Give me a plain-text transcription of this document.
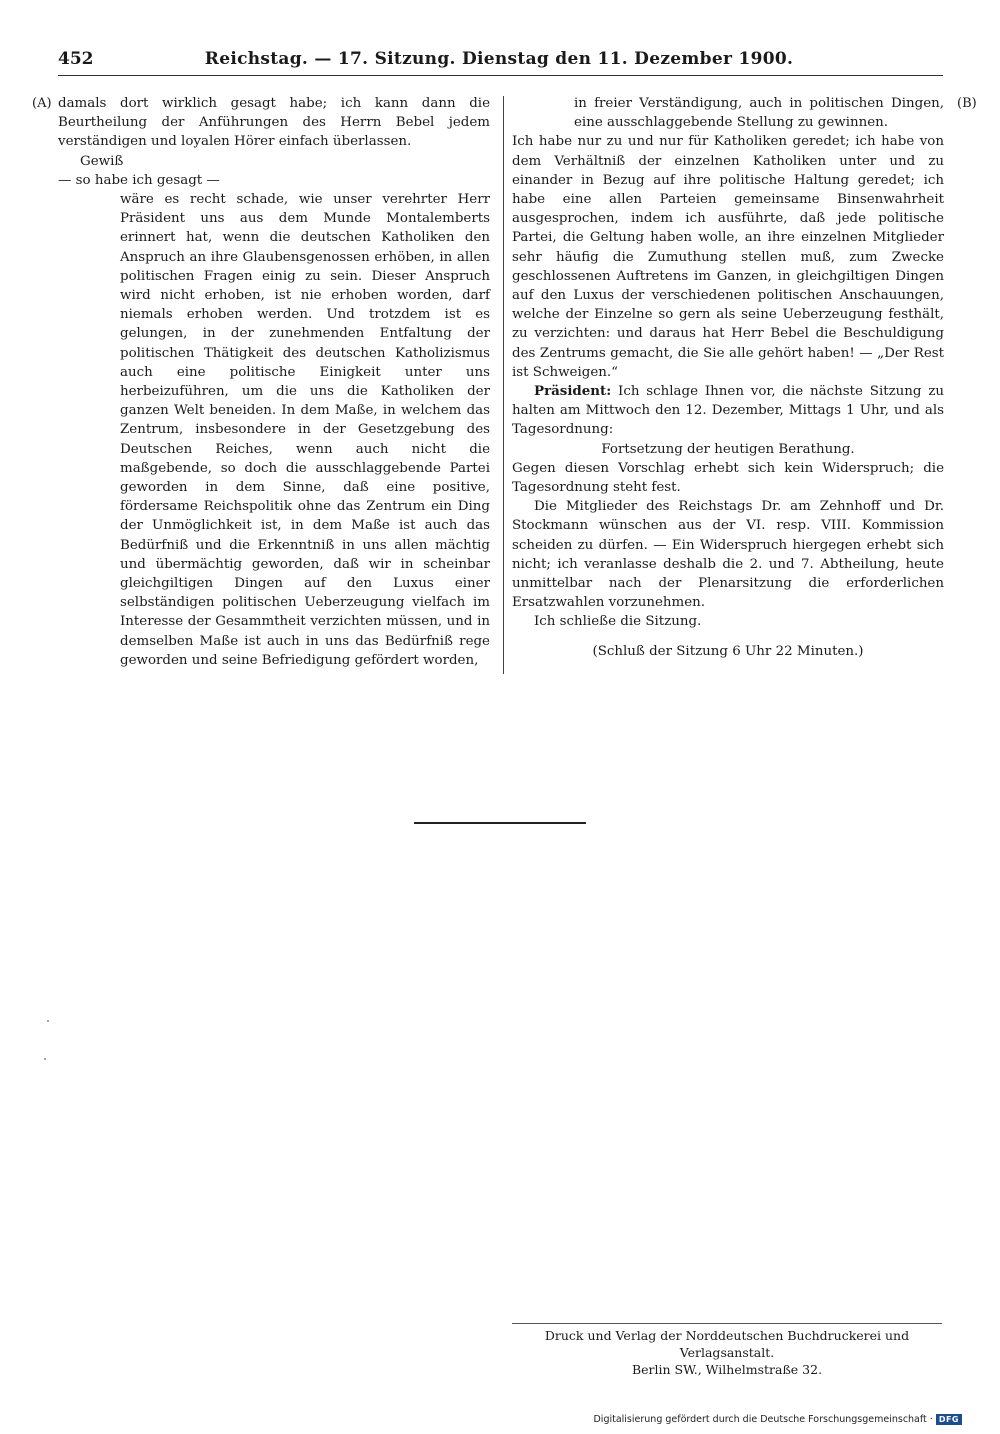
452	Reichstag. — 17. Sitzung. Dienstag den 11. Dezember 1900.
(A)	(B)

damals dort wirklich gesagt habe; ich kann dann die Beurtheilung der Anführungen des Herrn Bebel jedem verständigen und loyalen Hörer einfach überlassen.

Gewiß

— so habe ich gesagt —

wäre es recht schade, wie unser verehrter Herr Präsident uns aus dem Munde Montalemberts erinnert hat, wenn die deutschen Katholiken den Anspruch an ihre Glaubensgenossen erhöben, in allen politischen Fragen einig zu sein. Dieser Anspruch wird nicht erhoben, ist nie erhoben worden, darf niemals erhoben werden. Und trotzdem ist es gelungen, in der zunehmenden Entfaltung der politischen Thätigkeit des deutschen Katholizismus auch eine politische Einigkeit unter uns herbeizuführen, um die uns die Katholiken der ganzen Welt beneiden. In dem Maße, in welchem das Zentrum, insbesondere in der Gesetzgebung des Deutschen Reiches, wenn auch nicht die maßgebende, so doch die ausschlaggebende Partei geworden in dem Sinne, daß eine positive, fördersame Reichspolitik ohne das Zentrum ein Ding der Unmöglichkeit ist, in dem Maße ist auch das Bedürfniß und die Erkenntniß in uns allen mächtig und übermächtig geworden, daß wir in scheinbar gleichgiltigen Dingen auf den Luxus einer selbständigen politischen Ueberzeugung vielfach im Interesse der Gesammtheit verzichten müssen, und in demselben Maße ist auch in uns das Bedürfniß rege geworden und seine Befriedigung gefördert worden,

in freier Verständigung, auch in politischen Dingen, eine ausschlaggebende Stellung zu gewinnen.

Ich habe nur zu und nur für Katholiken geredet; ich habe von dem Verhältniß der einzelnen Katholiken unter und zu einander in Bezug auf ihre politische Haltung geredet; ich habe eine allen Parteien gemeinsame Binsenwahrheit ausgesprochen, indem ich ausführte, daß jede politische Partei, die Geltung haben wolle, an ihre einzelnen Mitglieder sehr häufig die Zumuthung stellen muß, zum Zwecke geschlossenen Auftretens im Ganzen, in gleichgiltigen Dingen auf den Luxus der verschiedenen politischen Anschauungen, welche der Einzelne so gern als seine Ueberzeugung festhält, zu verzichten: und daraus hat Herr Bebel die Beschuldigung des Zentrums gemacht, die Sie alle gehört haben! — „Der Rest ist Schweigen.“

Präsident: Ich schlage Ihnen vor, die nächste Sitzung zu halten am Mittwoch den 12. Dezember, Mittags 1 Uhr, und als Tagesordnung:

Fortsetzung der heutigen Berathung.

Gegen diesen Vorschlag erhebt sich kein Widerspruch; die Tagesordnung steht fest.

Die Mitglieder des Reichstags Dr. am Zehnhoff und Dr. Stockmann wünschen aus der VI. resp. VIII. Kommission scheiden zu dürfen. — Ein Widerspruch hiergegen erhebt sich nicht; ich veranlasse deshalb die 2. und 7. Abtheilung, heute unmittelbar nach der Plenarsitzung die erforderlichen Ersatzwahlen vorzunehmen.

Ich schließe die Sitzung.

(Schluß der Sitzung 6 Uhr 22 Minuten.)

Druck und Verlag der Norddeutschen Buchdruckerei und Verlagsanstalt.

Berlin SW., Wilhelmstraße 32.

Digitalisierung gefördert durch die Deutsche Forschungsgemeinschaft · DFG
